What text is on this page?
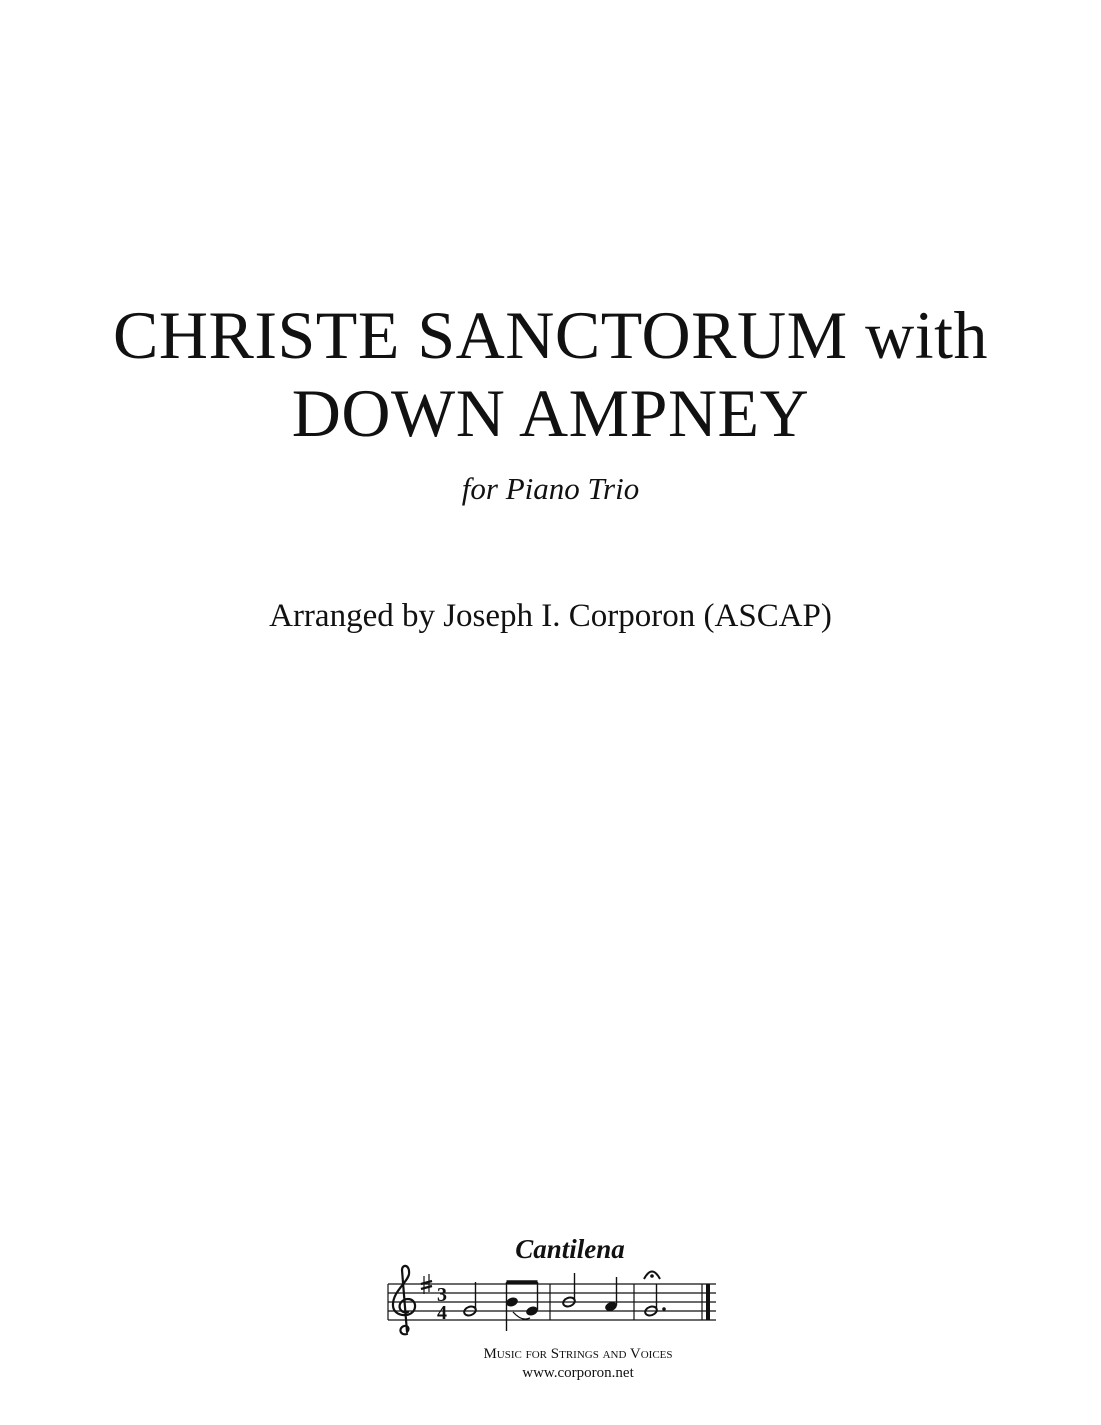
CHRISTE SANCTORUM with
DOWN AMPNEY
for Piano Trio
Arranged by Joseph I. Corporon (ASCAP)
Cantilena
3
4
Music for Strings and Voices
www.corporon.net
